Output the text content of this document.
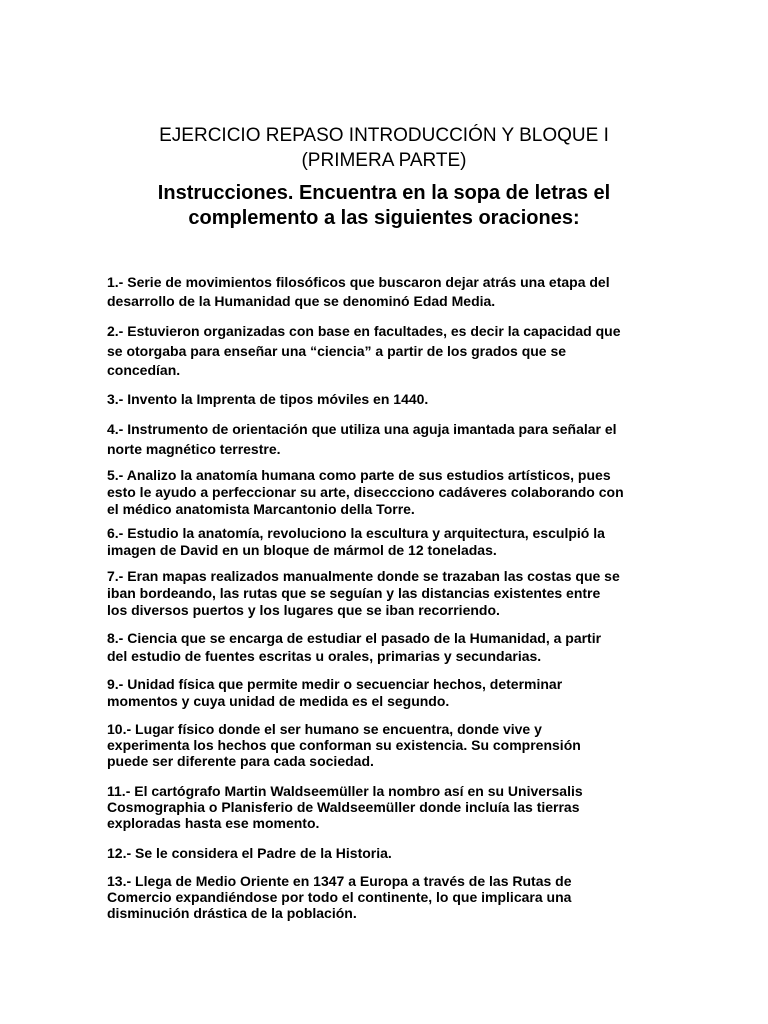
EJERCICIO REPASO INTRODUCCIÓN Y BLOQUE I
(PRIMERA PARTE)
Instrucciones. Encuentra en la sopa de letras el
complemento a las siguientes oraciones:

1.- Serie de movimientos filosóficos que buscaron dejar atrás una etapa del
desarrollo de la Humanidad que se denominó Edad Media.

2.- Estuvieron organizadas con base en facultades, es decir la capacidad que
se otorgaba para enseñar una “ciencia” a partir de los grados que se
concedían.

3.- Invento la Imprenta de tipos móviles en 1440.

4.- Instrumento de orientación que utiliza una aguja imantada para señalar el
norte magnético terrestre.

5.- Analizo la anatomía humana como parte de sus estudios artísticos, pues
esto le ayudo a perfeccionar su arte, diseccciono cadáveres colaborando con
el médico anatomista Marcantonio della Torre.

6.- Estudio la anatomía, revoluciono la escultura y arquitectura, esculpió la
imagen de David en un bloque de mármol de 12 toneladas.

7.- Eran mapas realizados manualmente donde se trazaban las costas que se
iban bordeando, las rutas que se seguían y las distancias existentes entre
los diversos puertos y los lugares que se iban recorriendo.

8.- Ciencia que se encarga de estudiar el pasado de la Humanidad, a partir
del estudio de fuentes escritas u orales, primarias y secundarias.

9.- Unidad física que permite medir o secuenciar hechos, determinar
momentos y cuya unidad de medida es el segundo.

10.- Lugar físico donde el ser humano se encuentra, donde vive y
experimenta los hechos que conforman su existencia. Su comprensión
puede ser diferente para cada sociedad.

11.- El cartógrafo Martin Waldseemüller la nombro así en su Universalis
Cosmographia o Planisferio de Waldseemüller donde incluía las tierras
exploradas hasta ese momento.

12.- Se le considera el Padre de la Historia.

13.- Llega de Medio Oriente en 1347 a Europa a través de las Rutas de
Comercio expandiéndose por todo el continente, lo que implicara una
disminución drástica de la población.
